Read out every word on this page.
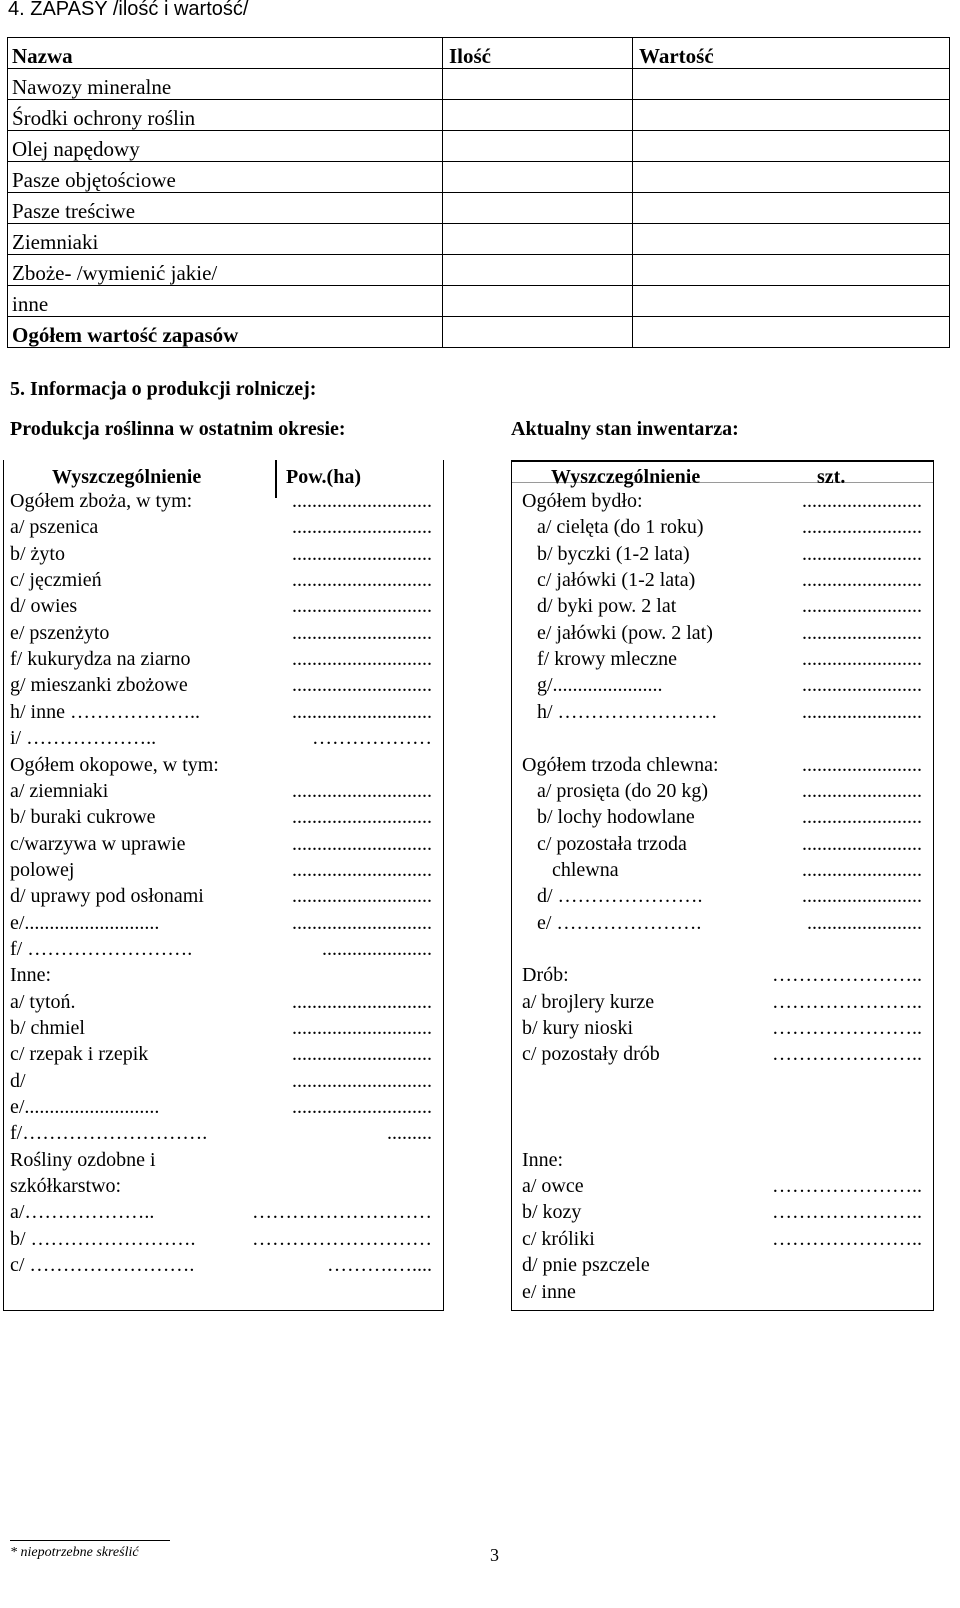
4. ZAPASY /ilość i wartość/
Nazwa	Ilość	Wartość
Nawozy mineralne		
Środki ochrony roślin		
Olej napędowy		
Pasze objętościowe		
Pasze treściwe		
Ziemniaki		
Zboże- /wymienić jakie/		
inne		
Ogółem wartość zapasów		
5. Informacja o produkcji rolniczej:
Produkcja roślinna w ostatnim okresie:	Aktualny stan inwentarza:
Wyszczególnienie	Pow.(ha)	Wyszczególnienie	szt.
Ogółem zboża, w tym:	............................
a/ pszenica	............................
b/ żyto	............................
c/ jęczmień	............................
d/ owies	............................
e/ pszenżyto	............................
f/ kukurydza na ziarno	............................
g/ mieszanki zbożowe	............................
h/ inne ………………..	............................
i/ ………………..	………………
Ogółem okopowe, w tym:
a/ ziemniaki	............................
b/ buraki cukrowe	............................
c/warzywa w uprawie	............................
polowej	............................
d/ uprawy pod osłonami	............................
e/...........................	............................
f/ …………………….	......................
Inne:
a/ tytoń.	............................
b/ chmiel	............................
c/ rzepak i rzepik	............................
d/	............................
e/...........................	............................
f/……………………….	.........
Rośliny ozdobne i
szkółkarstwo:
a/………………..	………………………
b/ …………………….	………………………
c/ …………………….	……….…....
Ogółem bydło:	........................
a/ cielęta (do 1 roku)	........................
b/ byczki (1-2 lata)	........................
c/ jałówki (1-2 lata)	........................
d/ byki pow. 2 lat	........................
e/ jałówki (pow. 2 lat)	........................
f/ krowy mleczne	........................
g/......................	........................
h/ ……………………	........................
Ogółem trzoda chlewna:	........................
a/ prosięta (do 20 kg)	........................
b/ lochy hodowlane	........................
c/ pozostała trzoda	........................
chlewna	........................
d/ ………………….	........................
e/ ………………….	.......................
Drób:	…………………..
a/ brojlery kurze	…………………..
b/ kury nioski	…………………..
c/ pozostały drób	…………………..
Inne:
a/ owce	…………………..
b/ kozy	…………………..
c/ króliki	…………………..
d/ pnie pszczele
e/ inne
* niepotrzebne skreślić	3
